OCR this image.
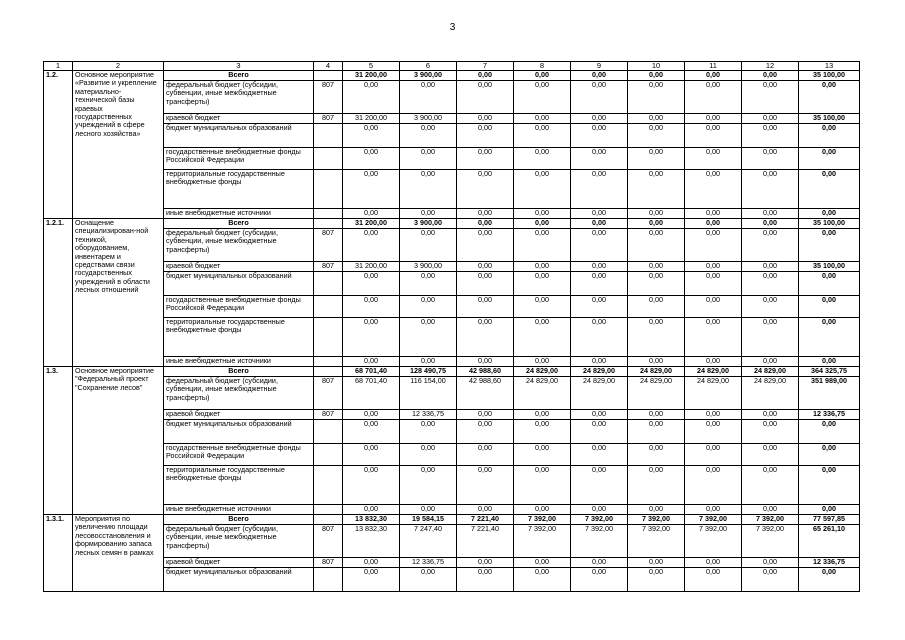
3
1	2	3	4	5	6	7	8	9	10	11	12	13
1.2.	Основное мероприятие «Развитие и укрепление материально-технической базы краевых государственных учреждений в сфере лесного хозяйства»	Всего		31 200,00	3 900,00	0,00	0,00	0,00	0,00	0,00	0,00	35 100,00
		федеральный бюджет (субсидии, субвенции, иные межбюджетные трансферты)	807	0,00	0,00	0,00	0,00	0,00	0,00	0,00	0,00	0,00
		краевой бюджет	807	31 200,00	3 900,00	0,00	0,00	0,00	0,00	0,00	0,00	35 100,00
		бюджет муниципальных образований		0,00	0,00	0,00	0,00	0,00	0,00	0,00	0,00	0,00
		государственные внебюджетные фонды Российской Федерации		0,00	0,00	0,00	0,00	0,00	0,00	0,00	0,00	0,00
		территориальные государственные внебюджетные фонды		0,00	0,00	0,00	0,00	0,00	0,00	0,00	0,00	0,00
		иные внебюджетные источники		0,00	0,00	0,00	0,00	0,00	0,00	0,00	0,00	0,00
1.2.1.	Оснащение специализирован-ной техникой, оборудованием, инвентарем и средствами связи государственных учреждений в области лесных отношений	Всего		31 200,00	3 900,00	0,00	0,00	0,00	0,00	0,00	0,00	35 100,00
		федеральный бюджет (субсидии, субвенции, иные межбюджетные трансферты)	807	0,00	0,00	0,00	0,00	0,00	0,00	0,00	0,00	0,00
		краевой бюджет	807	31 200,00	3 900,00	0,00	0,00	0,00	0,00	0,00	0,00	35 100,00
		бюджет муниципальных образований		0,00	0,00	0,00	0,00	0,00	0,00	0,00	0,00	0,00
		государственные внебюджетные фонды Российской Федерации		0,00	0,00	0,00	0,00	0,00	0,00	0,00	0,00	0,00
		территориальные государственные внебюджетные фонды		0,00	0,00	0,00	0,00	0,00	0,00	0,00	0,00	0,00
		иные внебюджетные источники		0,00	0,00	0,00	0,00	0,00	0,00	0,00	0,00	0,00
1.3.	Основное мероприятие "Федеральный проект "Сохранение лесов"	Всего		68 701,40	128 490,75	42 988,60	24 829,00	24 829,00	24 829,00	24 829,00	24 829,00	364 325,75
		федеральный бюджет (субсидии, субвенции, иные межбюджетные трансферты)	807	68 701,40	116 154,00	42 988,60	24 829,00	24 829,00	24 829,00	24 829,00	24 829,00	351 989,00
		краевой бюджет	807	0,00	12 336,75	0,00	0,00	0,00	0,00	0,00	0,00	12 336,75
		бюджет муниципальных образований		0,00	0,00	0,00	0,00	0,00	0,00	0,00	0,00	0,00
		государственные внебюджетные фонды Российской Федерации		0,00	0,00	0,00	0,00	0,00	0,00	0,00	0,00	0,00
		территориальные государственные внебюджетные фонды		0,00	0,00	0,00	0,00	0,00	0,00	0,00	0,00	0,00
		иные внебюджетные источники		0,00	0,00	0,00	0,00	0,00	0,00	0,00	0,00	0,00
1.3.1.	Мероприятия по увеличению площади лесовосстановления и формированию запаса лесных семян в рамках	Всего		13 832,30	19 584,15	7 221,40	7 392,00	7 392,00	7 392,00	7 392,00	7 392,00	77 597,85
		федеральный бюджет (субсидии, субвенции, иные межбюджетные трансферты)	807	13 832,30	7 247,40	7 221,40	7 392,00	7 392,00	7 392,00	7 392,00	7 392,00	65 261,10
		краевой бюджет	807	0,00	12 336,75	0,00	0,00	0,00	0,00	0,00	0,00	12 336,75
		бюджет муниципальных образований		0,00	0,00	0,00	0,00	0,00	0,00	0,00	0,00	0,00
